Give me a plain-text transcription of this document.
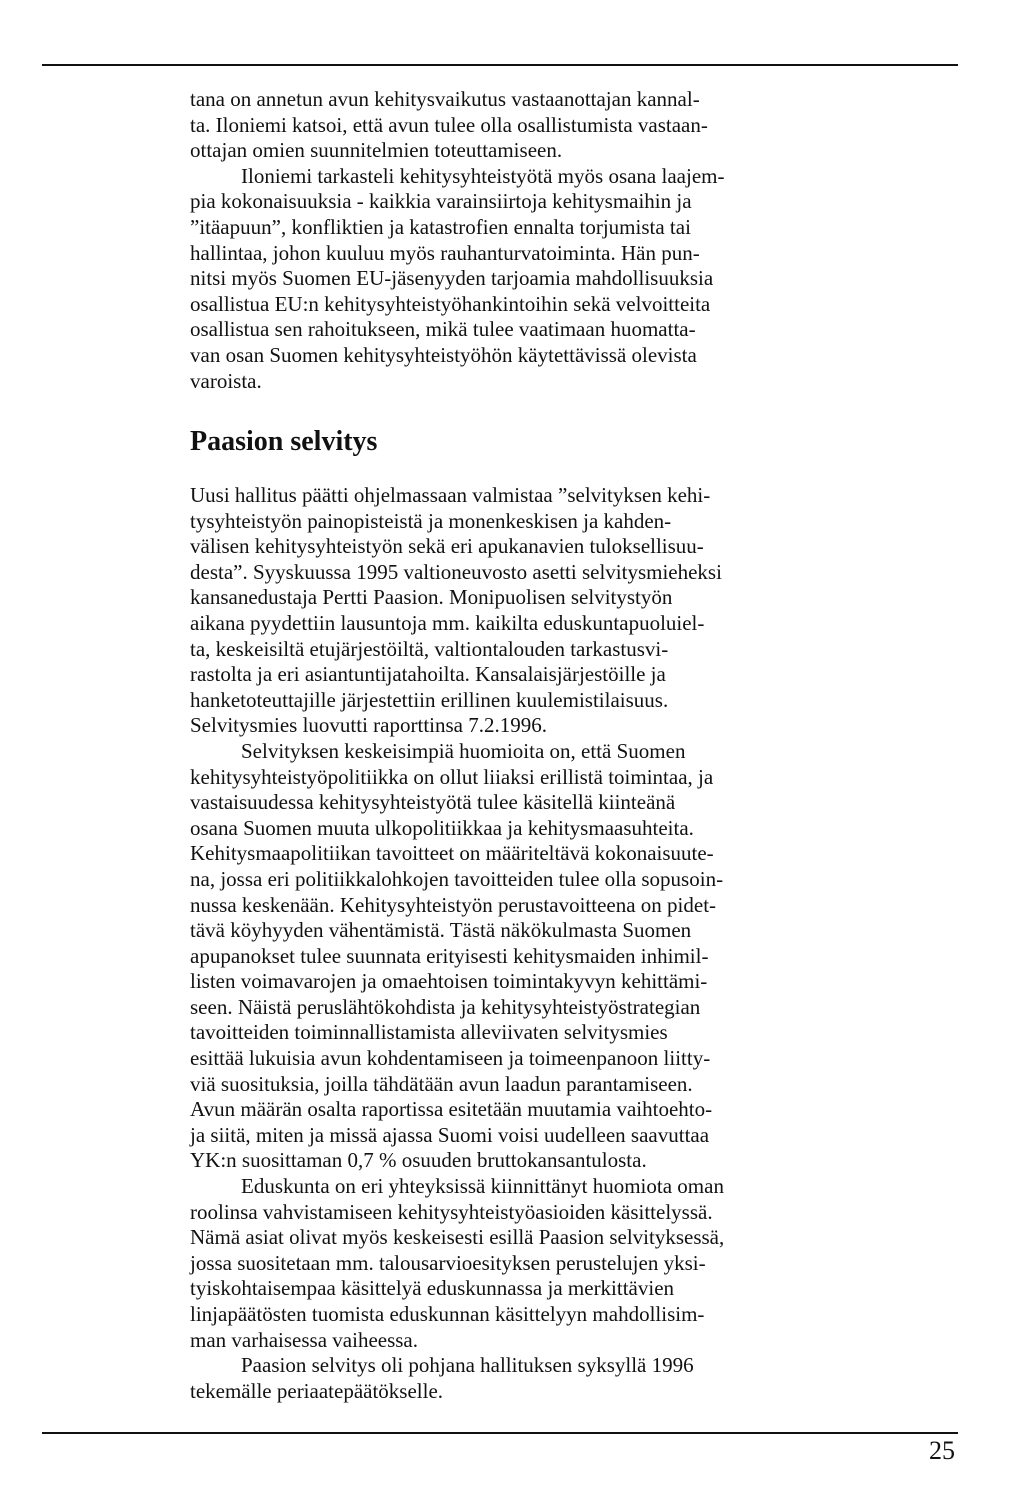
tana on annetun avun kehitysvaikutus vastaanottajan kannal-
ta. Iloniemi katsoi, että avun tulee olla osallistumista vastaan-
ottajan omien suunnitelmien toteuttamiseen.
Iloniemi tarkasteli kehitysyhteistyötä myös osana laajem-
pia kokonaisuuksia - kaikkia varainsiirtoja kehitysmaihin ja
”itäapuun”, konfliktien ja katastrofien ennalta torjumista tai
hallintaa, johon kuuluu myös rauhanturvatoiminta. Hän pun-
nitsi myös Suomen EU-jäsenyyden tarjoamia mahdollisuuksia
osallistua EU:n kehitysyhteistyöhankintoihin sekä velvoitteita
osallistua sen rahoitukseen, mikä tulee vaatimaan huomatta-
van osan Suomen kehitysyhteistyöhön käytettävissä olevista
varoista.
Paasion selvitys
Uusi hallitus päätti ohjelmassaan valmistaa ”selvityksen kehi-
tysyhteistyön painopisteistä ja monenkeskisen ja kahden-
välisen kehitysyhteistyön sekä eri apukanavien tuloksellisuu-
desta”. Syyskuussa 1995 valtioneuvosto asetti selvitysmieheksi
kansanedustaja Pertti Paasion. Monipuolisen selvitystyön
aikana pyydettiin lausuntoja mm. kaikilta eduskuntapuoluiel-
ta, keskeisiltä etujärjestöiltä, valtiontalouden tarkastusvi-
rastolta ja eri asiantuntijatahoilta. Kansalaisjärjestöille ja
hanketoteuttajille järjestettiin erillinen kuulemistilaisuus.
Selvitysmies luovutti raporttinsa 7.2.1996.
Selvityksen keskeisimpiä huomioita on, että Suomen
kehitysyhteistyöpolitiikka on ollut liiaksi erillistä toimintaa, ja
vastaisuudessa kehitysyhteistyötä tulee käsitellä kiinteänä
osana Suomen muuta ulkopolitiikkaa ja kehitysmaasuhteita.
Kehitysmaapolitiikan tavoitteet on määriteltävä kokonaisuute-
na, jossa eri politiikkalohkojen tavoitteiden tulee olla sopusoin-
nussa keskenään. Kehitysyhteistyön perustavoitteena on pidet-
tävä köyhyyden vähentämistä. Tästä näkökulmasta Suomen
apupanokset tulee suunnata erityisesti kehitysmaiden inhimil-
listen voimavarojen ja omaehtoisen toimintakyvyn kehittämi-
seen. Näistä peruslähtökohdista ja kehitysyhteistyöstrategian
tavoitteiden toiminnallistamista alleviivaten selvitysmies
esittää lukuisia avun kohdentamiseen ja toimeenpanoon liitty-
viä suosituksia, joilla tähdätään avun laadun parantamiseen.
Avun määrän osalta raportissa esitetään muutamia vaihtoehto-
ja siitä, miten ja missä ajassa Suomi voisi uudelleen saavuttaa
YK:n suosittaman 0,7 % osuuden bruttokansantulosta.
Eduskunta on eri yhteyksissä kiinnittänyt huomiota oman
roolinsa vahvistamiseen kehitysyhteistyöasioiden käsittelyssä.
Nämä asiat olivat myös keskeisesti esillä Paasion selvityksessä,
jossa suositetaan mm. talousarvioesityksen perustelujen yksi-
tyiskohtaisempaa käsittelyä eduskunnassa ja merkittävien
linjapäätösten tuomista eduskunnan käsittelyyn mahdollisim-
man varhaisessa vaiheessa.
Paasion selvitys oli pohjana hallituksen syksyllä 1996
tekemälle periaatepäätökselle.
25
